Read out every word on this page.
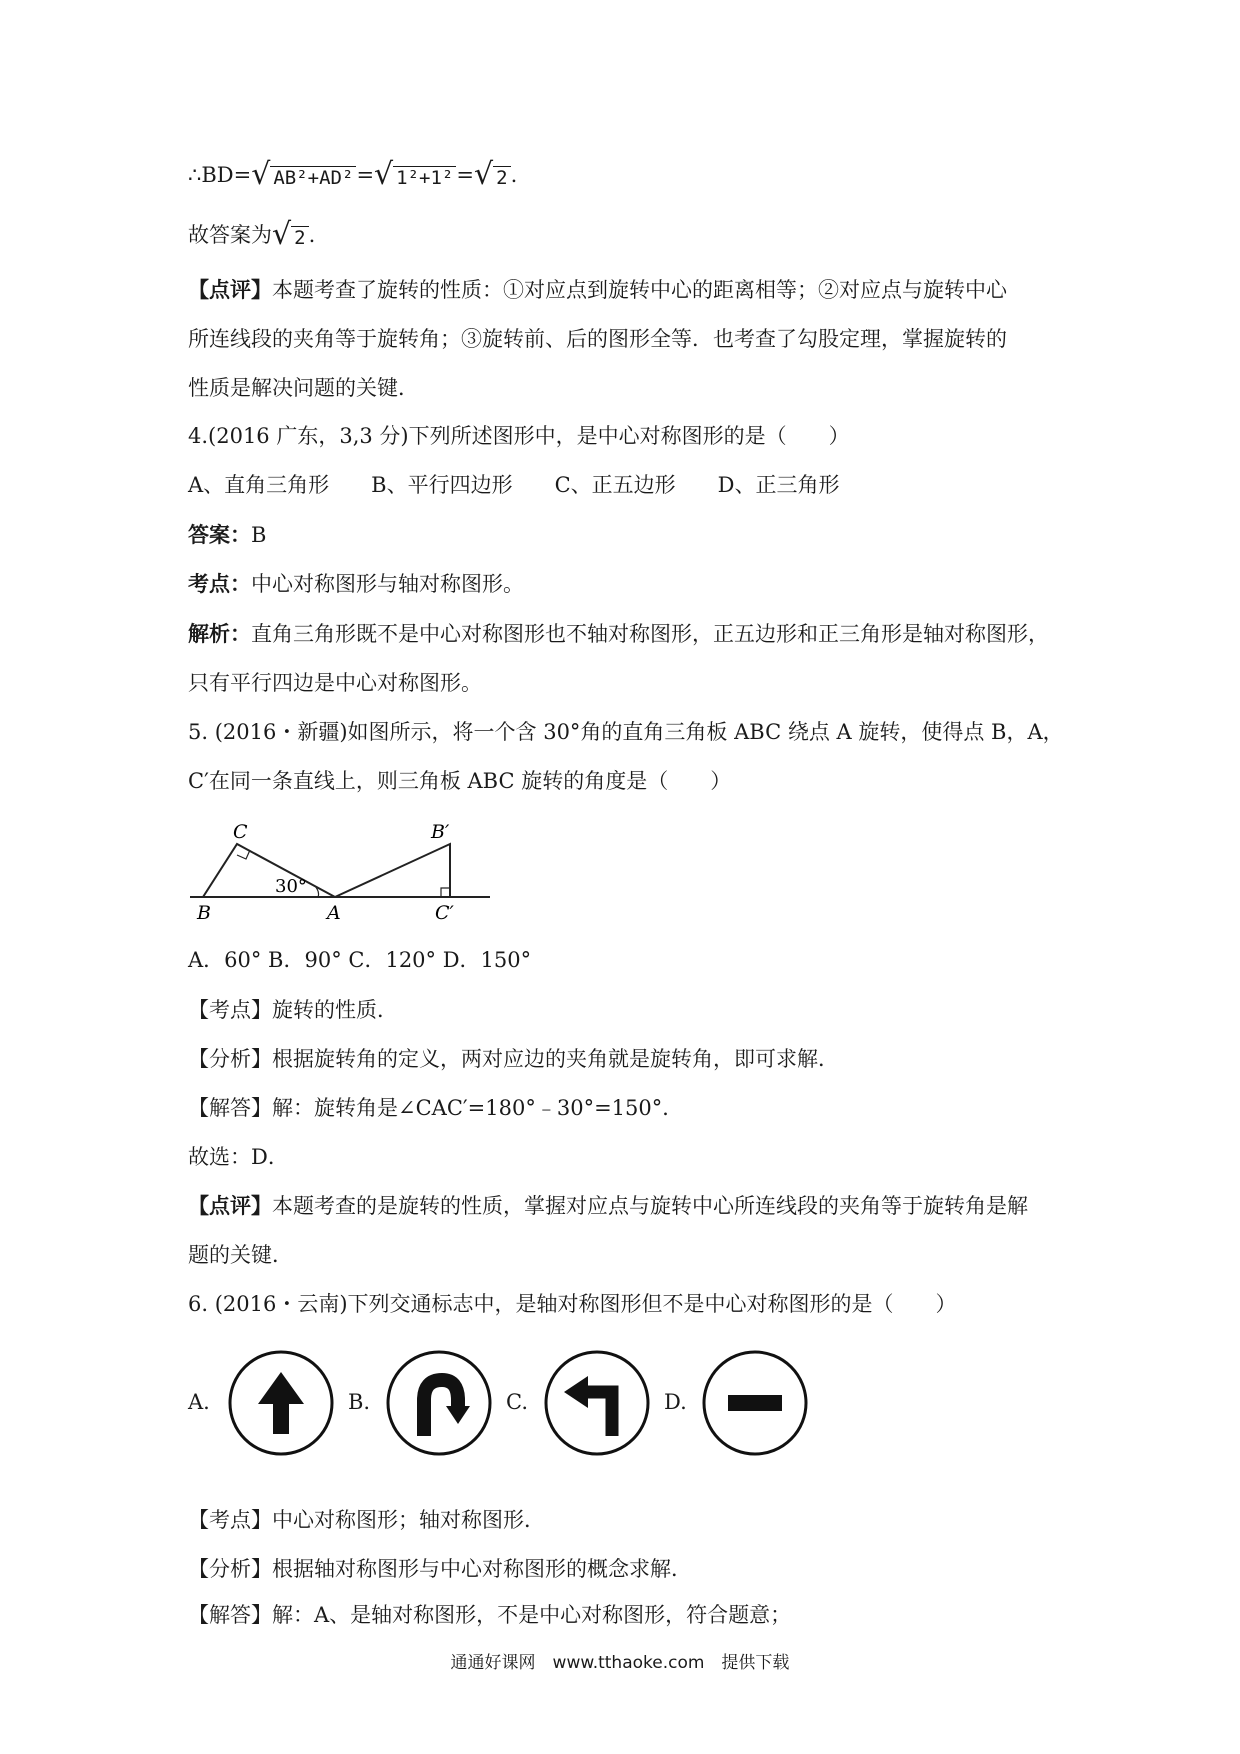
∴BD=√ AB²+AD² =√ 1²+1² =√ 2 .
故答案为√ 2 .
【点评】本题考查了旋转的性质：①对应点到旋转中心的距离相等；②对应点与旋转中心
所连线段的夹角等于旋转角；③旋转前、后的图形全等．也考查了勾股定理，掌握旋转的
性质是解决问题的关键．
4.(2016 广东，3,3 分)下列所述图形中，是中心对称图形的是（　　）
A、直角三角形　　B、平行四边形　　C、正五边形　　D、正三角形
答案：B
考点：中心对称图形与轴对称图形。
解析：直角三角形既不是中心对称图形也不轴对称图形，正五边形和正三角形是轴对称图形，
只有平行四边是中心对称图形。
5. (2016・新疆)如图所示，将一个含 30°角的直角三角板 ABC 绕点 A 旋转，使得点 B，A，
C′在同一条直线上，则三角板 ABC 旋转的角度是（　　）
C
B	A
B′
C′
30°
A．60° B．90° C．120° D．150°
【考点】旋转的性质．
【分析】根据旋转角的定义，两对应边的夹角就是旋转角，即可求解．
【解答】解：旋转角是∠CAC′=180°﹣30°=150°．
故选：D．
【点评】本题考查的是旋转的性质，掌握对应点与旋转中心所连线段的夹角等于旋转角是解
题的关键．
6. (2016・云南)下列交通标志中，是轴对称图形但不是中心对称图形的是（　　）
A.	B.	C.	D.
【考点】中心对称图形；轴对称图形．
【分析】根据轴对称图形与中心对称图形的概念求解．
【解答】解：A、是轴对称图形，不是中心对称图形，符合题意；
通通好课网　www.tthaoke.com　提供下载
